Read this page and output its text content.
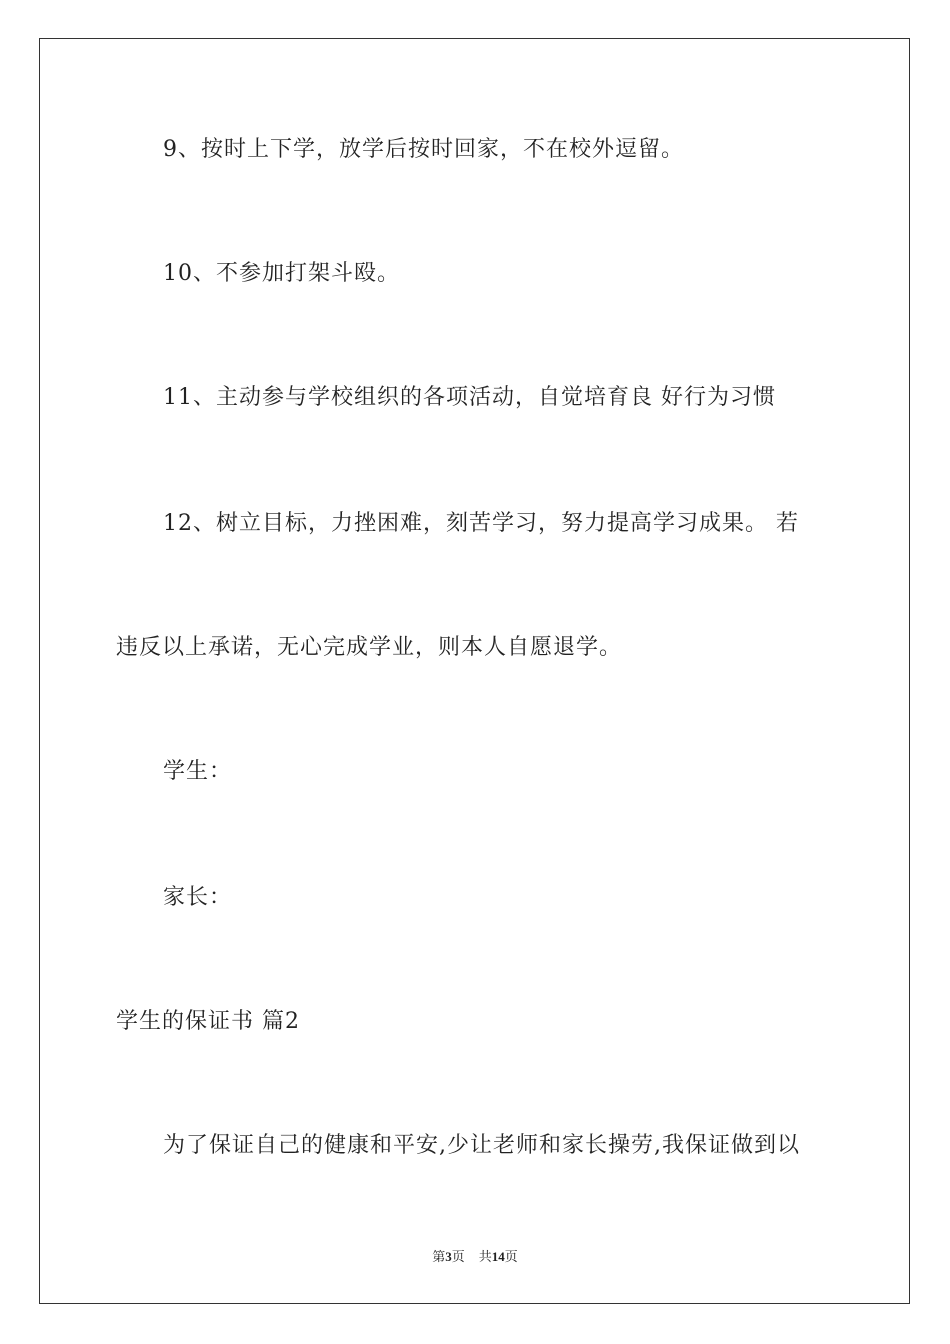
9、按时上下学，放学后按时回家，不在校外逗留。
10、不参加打架斗殴。
11、主动参与学校组织的各项活动，自觉培育良 好行为习惯
12、树立目标，力挫困难，刻苦学习，努力提高学习成果。 若
违反以上承诺，无心完成学业，则本人自愿退学。
学生：
家长：
学生的保证书 篇2
为了保证自己的健康和平安,少让老师和家长操劳,我保证做到以
第3页 共14页
